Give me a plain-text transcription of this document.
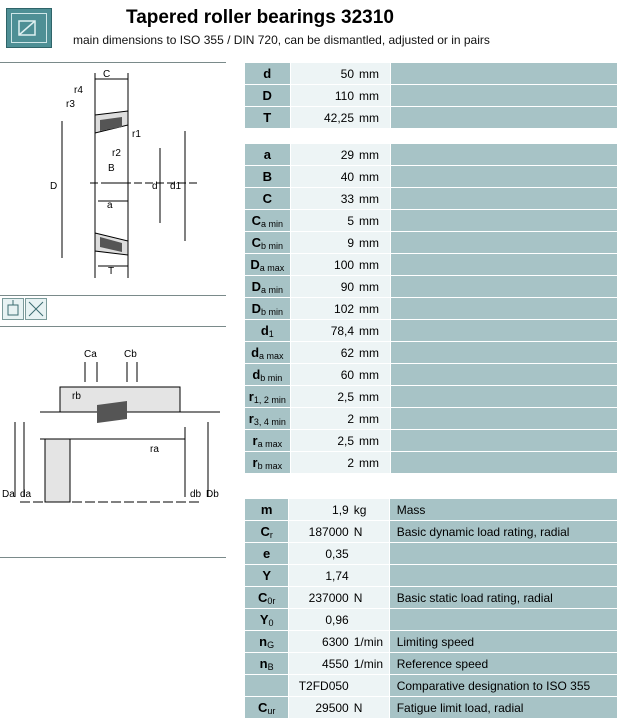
Tapered roller bearings 32310
main dimensions to ISO 355 / DIN 720, can be dismantled, adjusted or in pairs
C
r4
r3
r1
r2
B
D	d d1
a
T
Ca	Cb
rb
ra
Da da	db Db
d	50 mm	
D	110 mm	
T	42,25 mm	
a	29 mm	
B	40 mm	
C	33 mm	
$C_{a min}$	5 mm	
$C_{b min}$	9 mm	
$D_{a max}$	100 mm	
$D_{a min}$	90 mm	
$D_{b min}$	102 mm	
$d_1$	78,4 mm	
$d_{a max}$	62 mm	
$d_{b min}$	60 mm	
$r_{1, 2 min}$	2,5 mm	
$r_{3, 4 min}$	2 mm	
$r_{a max}$	2,5 mm	
$r_{b max}$	2 mm	
m	1,9 kg	Mass
$C_r$	187000 N	Basic dynamic load rating, radial
e	0,35	
Y	1,74	
$C_{0r}$	237000 N	Basic static load rating, radial
$Y_0$	0,96	
$n_G$	6300 1/min	Limiting speed
$n_B$	4550 1/min	Reference speed
	T2FD050	Comparative designation to ISO 355
$C_{ur}$	29500 N	Fatigue limit load, radial
